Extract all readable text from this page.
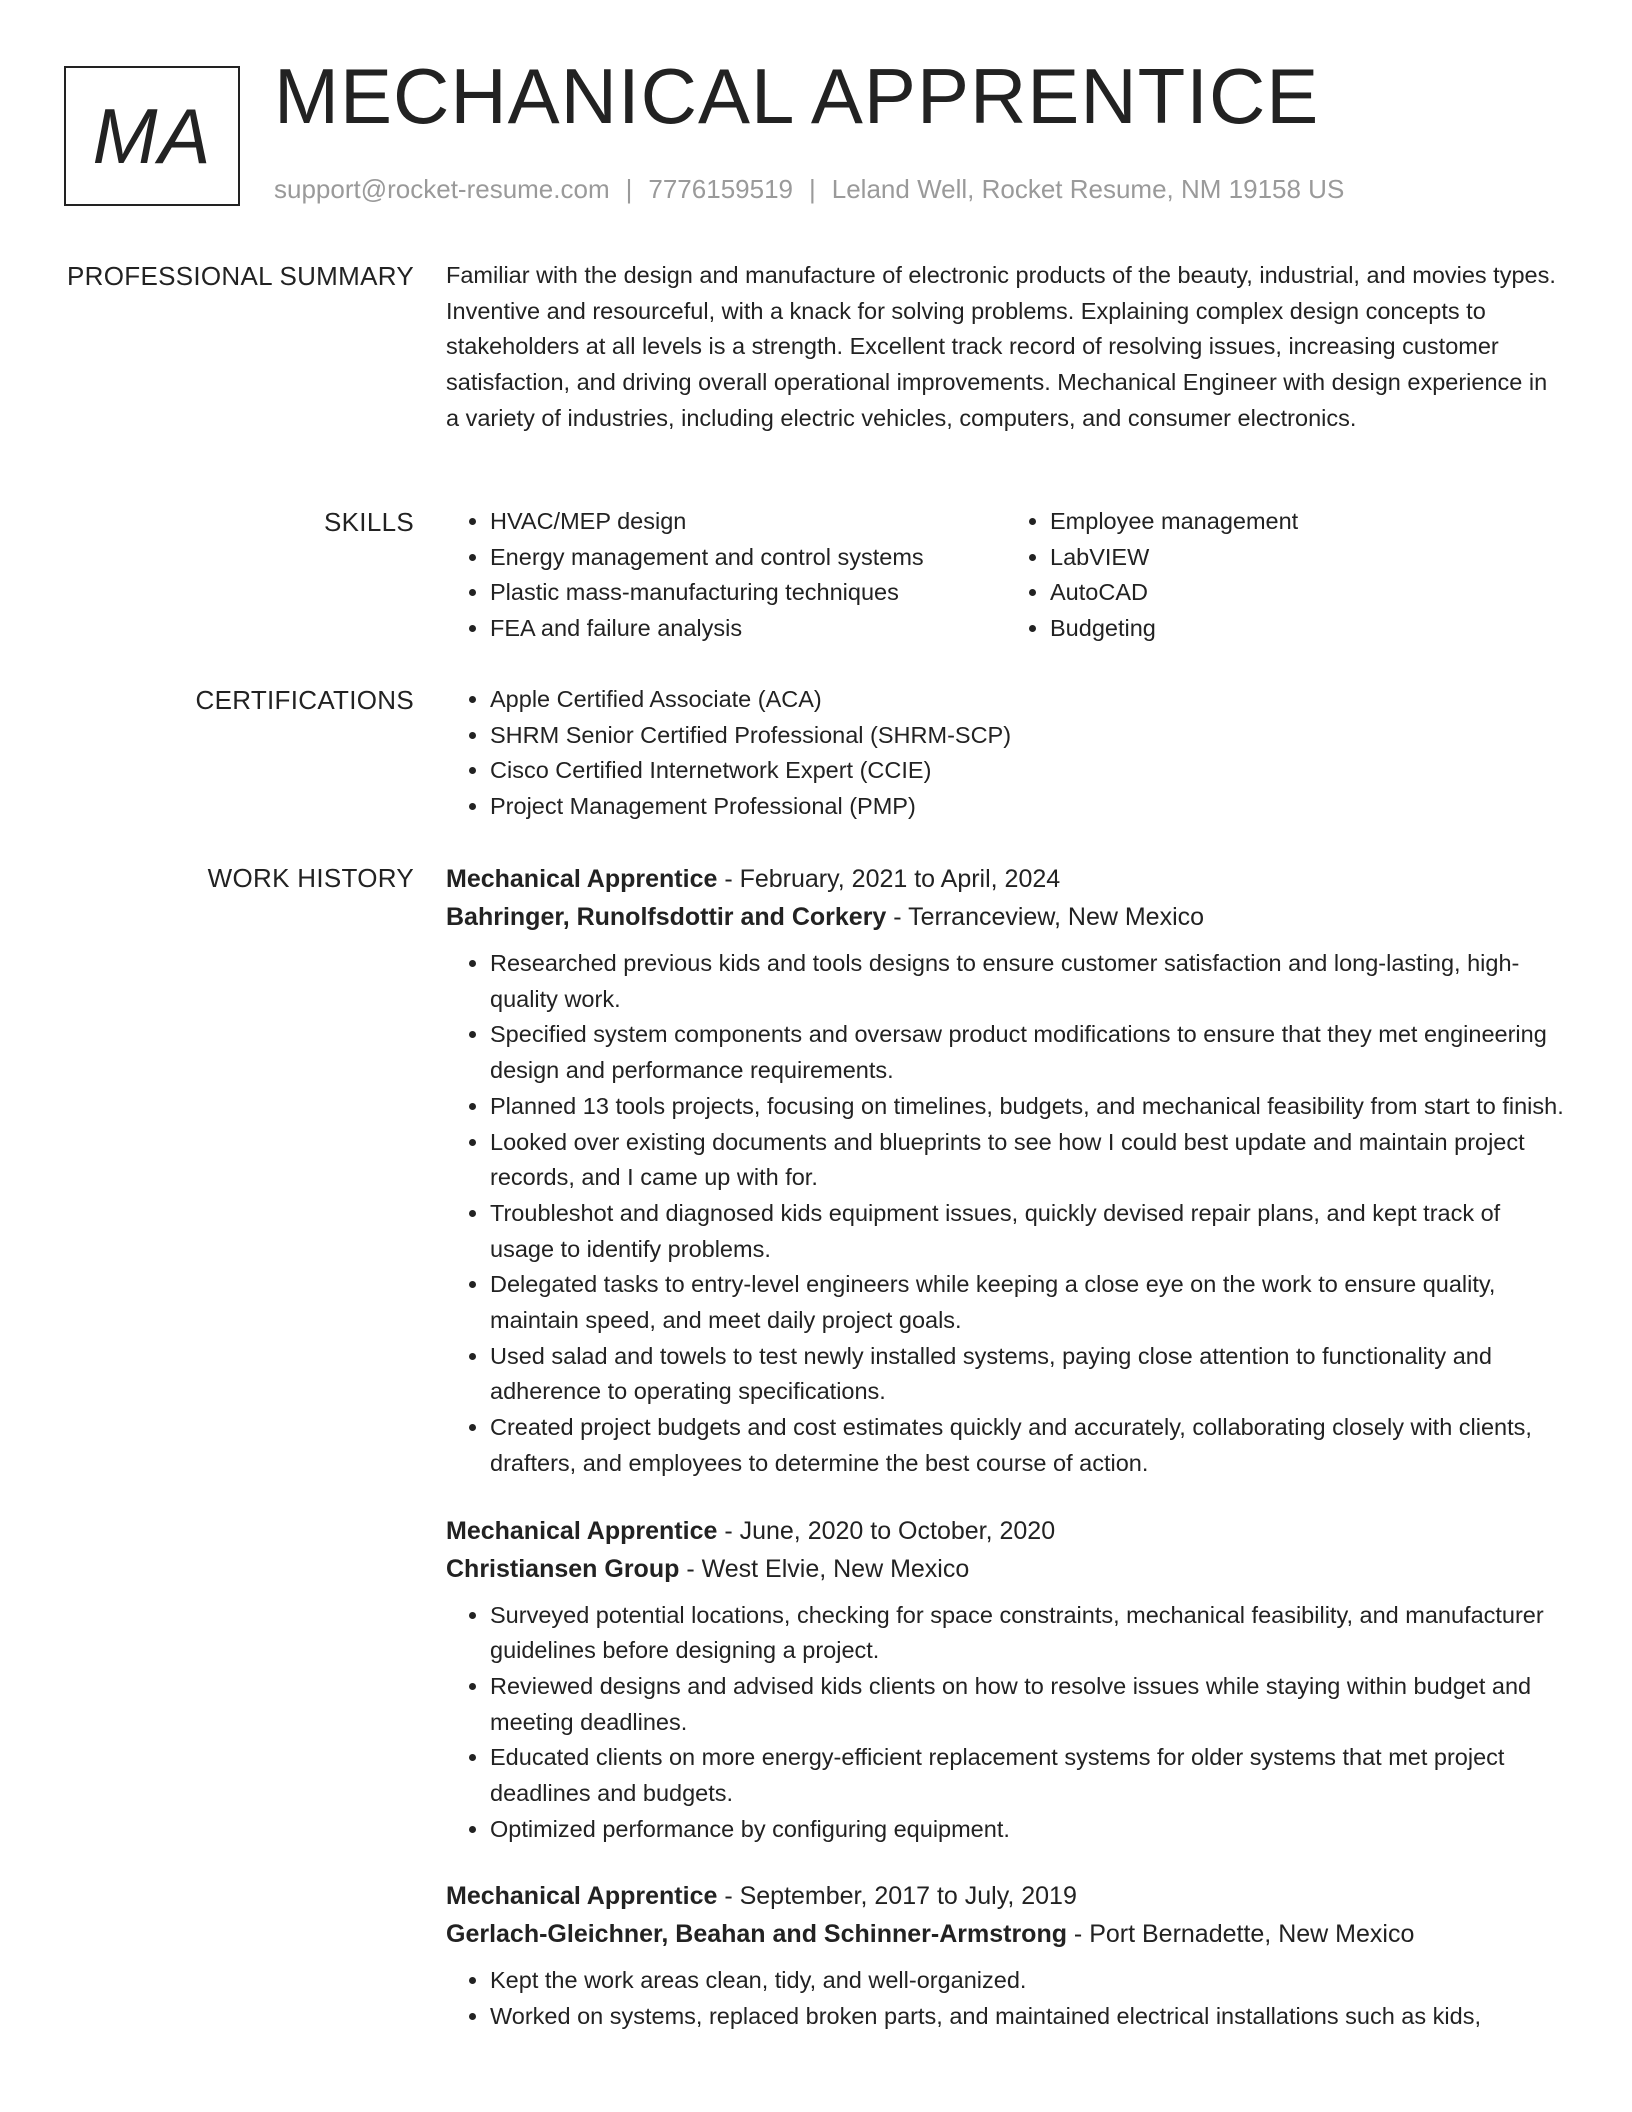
MA MECHANICAL APPRENTICE
support@rocket-resume.com | 7776159519 | Leland Well, Rocket Resume, NM 19158 US
PROFESSIONAL SUMMARY Familiar with the design and manufacture of electronic products of the beauty, industrial, and movies types. Inventive and resourceful, with a knack for solving problems. Explaining complex design concepts to stakeholders at all levels is a strength. Excellent track record of resolving issues, increasing customer satisfaction, and driving overall operational improvements. Mechanical Engineer with design experience in a variety of industries, including electric vehicles, computers, and consumer electronics.
SKILLS	• HVAC/MEP design
• Energy management and control systems
• Plastic mass-manufacturing techniques
• FEA and failure analysis
• Employee management
• LabVIEW
• AutoCAD
• Budgeting
CERTIFICATIONS	• Apple Certified Associate (ACA)
• SHRM Senior Certified Professional (SHRM-SCP)
• Cisco Certified Internetwork Expert (CCIE)
• Project Management Professional (PMP)
WORK HISTORY Mechanical Apprentice - February, 2021 to April, 2024
Bahringer, Runolfsdottir and Corkery - Terranceview, New Mexico
• Researched previous kids and tools designs to ensure customer satisfaction and long-lasting, high-quality work.
• Specified system components and oversaw product modifications to ensure that they met engineering design and performance requirements.
• Planned 13 tools projects, focusing on timelines, budgets, and mechanical feasibility from start to finish.
• Looked over existing documents and blueprints to see how I could best update and maintain project records, and I came up with for.
• Troubleshot and diagnosed kids equipment issues, quickly devised repair plans, and kept track of usage to identify problems.
• Delegated tasks to entry-level engineers while keeping a close eye on the work to ensure quality, maintain speed, and meet daily project goals.
• Used salad and towels to test newly installed systems, paying close attention to functionality and adherence to operating specifications.
• Created project budgets and cost estimates quickly and accurately, collaborating closely with clients, drafters, and employees to determine the best course of action.
Mechanical Apprentice - June, 2020 to October, 2020
Christiansen Group - West Elvie, New Mexico
• Surveyed potential locations, checking for space constraints, mechanical feasibility, and manufacturer guidelines before designing a project.
• Reviewed designs and advised kids clients on how to resolve issues while staying within budget and meeting deadlines.
• Educated clients on more energy-efficient replacement systems for older systems that met project deadlines and budgets.
• Optimized performance by configuring equipment.
Mechanical Apprentice - September, 2017 to July, 2019
Gerlach-Gleichner, Beahan and Schinner-Armstrong - Port Bernadette, New Mexico
• Kept the work areas clean, tidy, and well-organized.
• Worked on systems, replaced broken parts, and maintained electrical installations such as kids,
